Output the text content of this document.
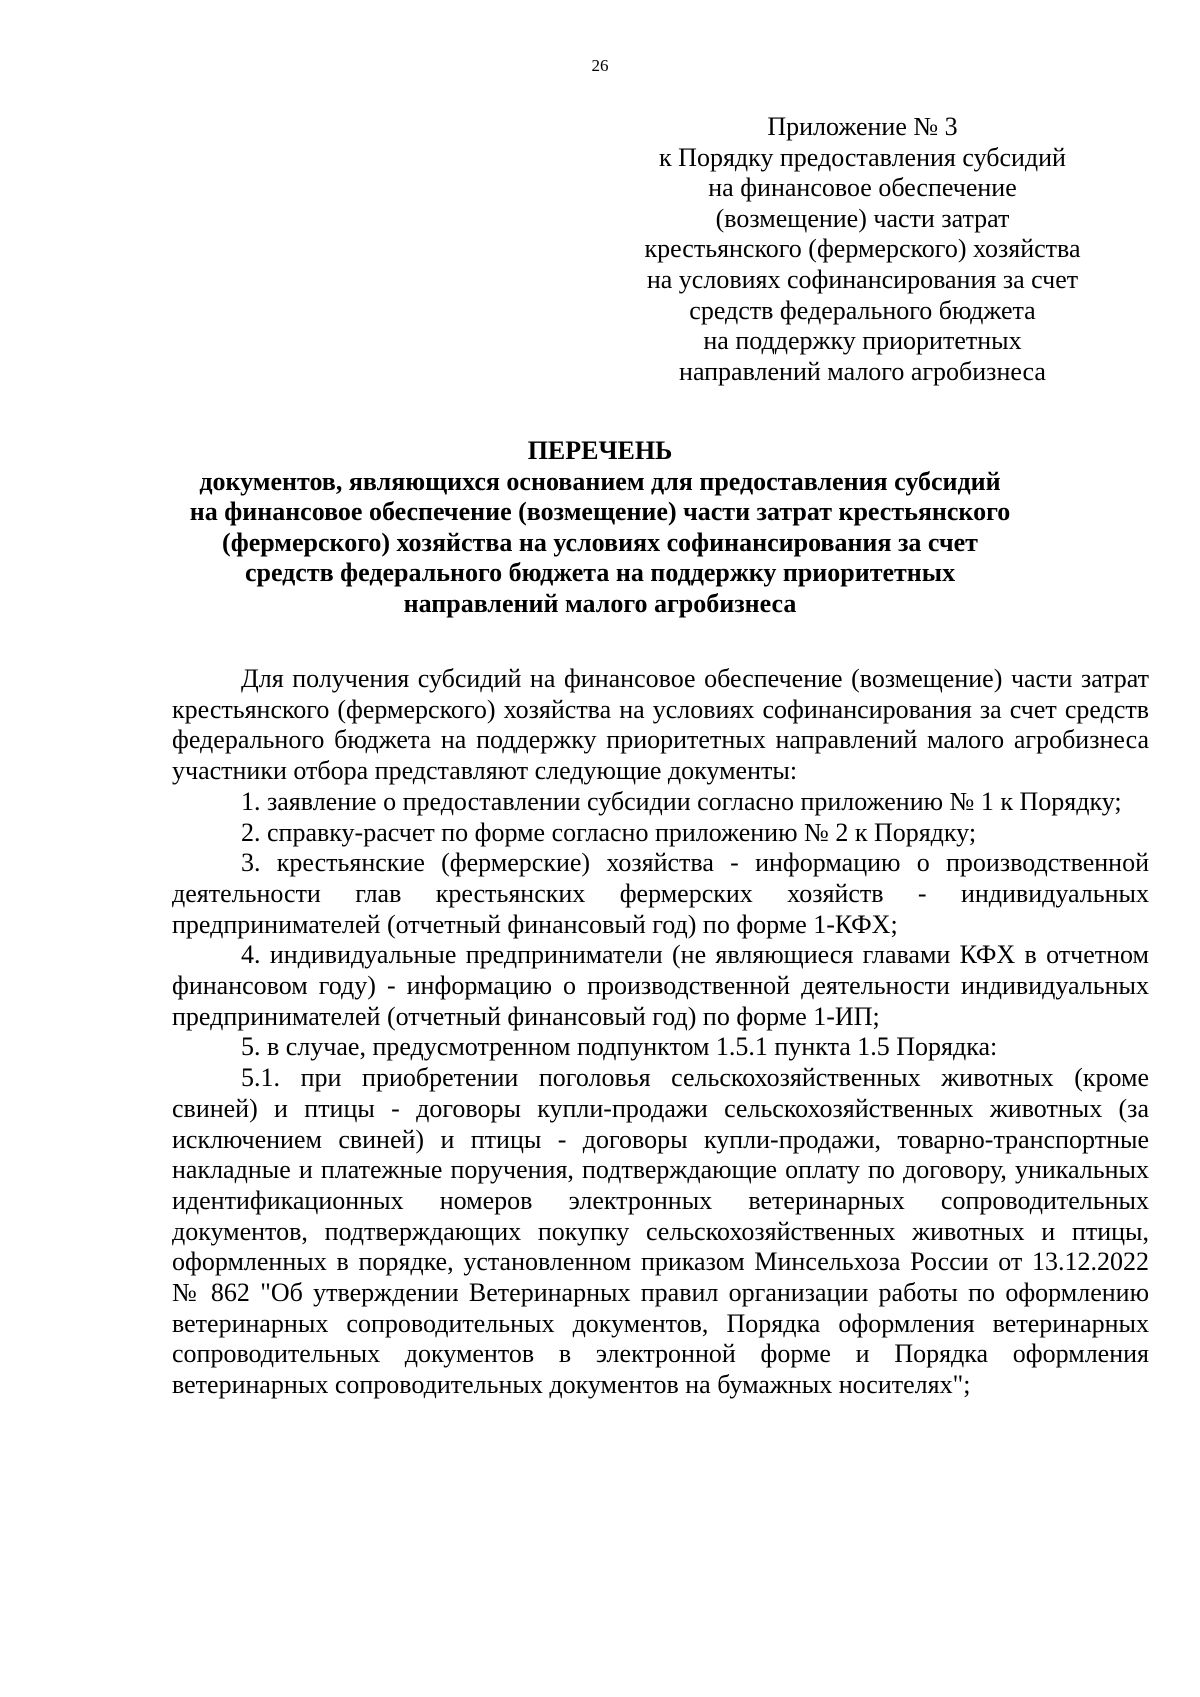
26
Приложение № 3
к Порядку предоставления субсидий
на финансовое обеспечение
(возмещение) части затрат
крестьянского (фермерского) хозяйства
на условиях софинансирования за счет
средств федерального бюджета
на поддержку приоритетных
направлений малого агробизнеса
ПЕРЕЧЕНЬ
документов, являющихся основанием для предоставления субсидий
на финансовое обеспечение (возмещение) части затрат крестьянского
(фермерского) хозяйства на условиях софинансирования за счет
средств федерального бюджета на поддержку приоритетных
направлений малого агробизнеса

Для получения субсидий на финансовое обеспечение (возмещение) части затрат крестьянского (фермерского) хозяйства на условиях софинансирования за счет средств федерального бюджета на поддержку приоритетных направлений малого агробизнеса участники отбора представляют следующие документы:

1. заявление о предоставлении субсидии согласно приложению № 1 к Порядку;

2. справку-расчет по форме согласно приложению № 2 к Порядку;

3. крестьянские (фермерские) хозяйства - информацию о производственной деятельности глав крестьянских фермерских хозяйств - индивидуальных предпринимателей (отчетный финансовый год) по форме 1-КФХ;

4. индивидуальные предприниматели (не являющиеся главами КФХ в отчетном финансовом году) - информацию о производственной деятельности индивидуальных предпринимателей (отчетный финансовый год) по форме 1-ИП;

5. в случае, предусмотренном подпунктом 1.5.1 пункта 1.5 Порядка:

5.1. при приобретении поголовья сельскохозяйственных животных (кроме свиней) и птицы - договоры купли-продажи сельскохозяйственных животных (за исключением свиней) и птицы - договоры купли-продажи, товарно-транспортные накладные и платежные поручения, подтверждающие оплату по договору, уникальных идентификационных номеров электронных ветеринарных сопроводительных документов, подтверждающих покупку сельскохозяйственных животных и птицы, оформленных в порядке, установленном приказом Минсельхоза России от 13.12.2022 № 862 "Об утверждении Ветеринарных правил организации работы по оформлению ветеринарных сопроводительных документов, Порядка оформления ветеринарных сопроводительных документов в электронной форме и Порядка оформления ветеринарных сопроводительных документов на бумажных носителях";
